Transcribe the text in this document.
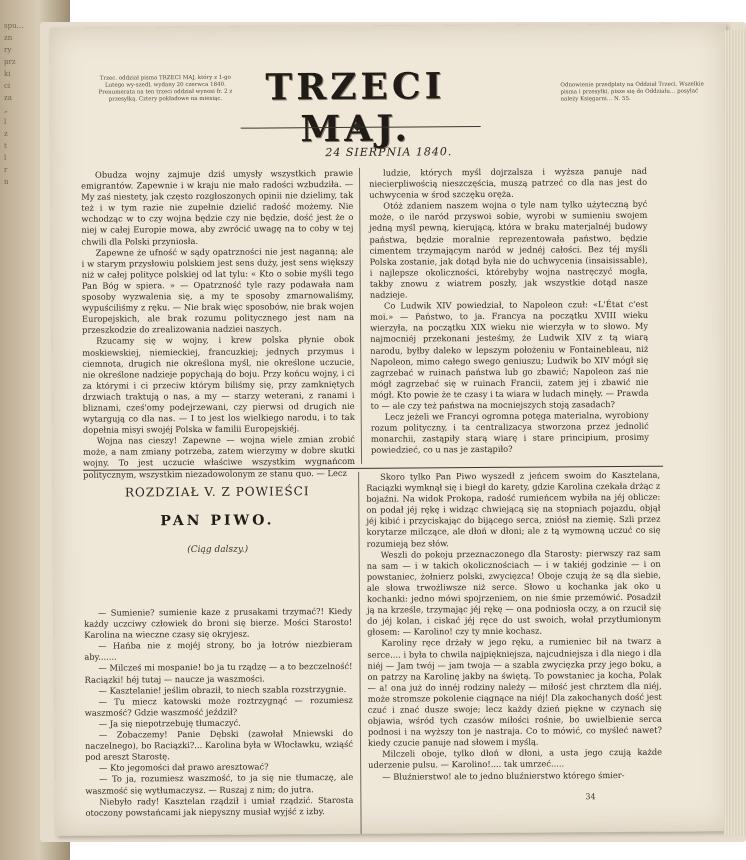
spu…
zn
ry
prz
ki
ci
za
„
l
z
t
l
r
n
Trzec. oddział pisma TRZECI MAJ, który z 1-go Lutego wy-szedł, wydany 20 czerwca 1840. Prenumerata na ten trzeci oddział wynosi fr. 2 z przesyłką. Cztery pokładowe na miesiąc.	TRZECI MAJ.
Odnowienie przedpłaty na Oddział Trzeci. Wszelkie pisma i przesyłki, pisze się do Oddziału… posyłać należy Księgarni… N. 55.
◆
24 SIERPNIA 1840.

Obudza wojny zajmuje dziś umysły wszystkich prawie emigrantów. Zapewnie i w kraju nie mało radości wzbudziła. — My zaś niestety, jak często rozgłoszonych opinii nie dzielimy, tak też i w tym razie nie zupełnie dzielić radość możemy. Nie wchodząc w to czy wojna będzie czy nie będzie, dość jest że o niej w całej Europie mowa, aby zwrócić uwagę na to coby w tej chwili dla Polski przyniosła.

Zapewne że ufność w sądy opatrzności nie jest naganną; ale i w starym przysłowiu polskiem jest sens duży, jest sens większy niż w całej polityce polskiej od lat tylu: « Kto o sobie myśli tego Pan Bóg w spiera. » — Opatrzność tyle razy podawała nam sposoby wyzwalenia się, a my te sposoby zmarnowaliśmy, wypuściliśmy z ręku. — Nie brak więc sposobów, nie brak wojen Europejskich, ale brak rozumu politycznego jest nam na przeszkodzie do zrealizowania nadziei naszych.

Rzucamy się w wojny, i krew polska płynie obok moskiewskiej, niemieckiej, francuzkiej; jednych przymus i ciemnota, drugich nie określona myśl, nie określone uczucie, nie określone nadzieje popychają do boju. Przy końcu wojny, i ci za którymi i ci przeciw którym biliśmy się, przy zamkniętych drzwiach traktują o nas, a my — starzy weterani, z ranami i bliznami, cześ'omy podejrzewani, czy pierwsi od drugich nie wytargują co dla nas. — I to jest los wielkiego narodu, i to tak dopełnia misyi swojéj Polska w familii Europejskiéj.

Wojna nas cieszy! Zapewne — wojna wiele zmian zrobić może, a nam zmiany potrzeba, zatem wierzymy w dobre skutki wojny. To jest uczucie właściwe wszystkim wygnańcom politycznym, wszystkim niezadowolonym ze stanu quo. — Lecz

ludzie, których myśl dojrzalsza i wyższa panuje nad niecierpliwością nieszczęścia, muszą patrzeć co dla nas jest do uchwycenia w środ szczęku oręża.

Otóż zdaniem naszem wojna o tyle nam tylko użyteczną być może, o ile naród przyswoi sobie, wyrobi w sumieniu swojem jedną myśl pewną, kierującą, która w braku materjalnéj budowy państwa, będzie moralnie reprezentowała państwo, będzie cimentem trzymającym naród w jednéj całości. Bez téj myśli Polska zostanie, jak dotąd była nie do uchwycenia (insaisissable), i najlepsze okoliczności, którebyby wojna nastręczyć mogła, takby znowu z wiatrem poszły, jak wszystkie dotąd nasze nadzieje.

Co Ludwik XIV powiedział, to Napoleon czuł: «L'État c'est moi.» — Państwo, to ja. Francya na początku XVIII wieku wierzyła, na początku XIX wieku nie wierzyła w to słowo. My najmocniéj przekonani jesteśmy, że Ludwik XIV z tą wiarą narodu, byłby daleko w lepszym położeniu w Fontainebleau, niż Napoleon, mimo całego swego geniuszu; Ludwik bo XIV mógł się zagrzebać w ruinach państwa lub go zbawić; Napoleon zaś nie mógł zagrzebać się w ruinach Francii, zatem jej i zbawić nie mógł. Kto powie że te czasy i ta wiara w ludach minęły. — Prawda to — ale czy też państwa na mocniejszych stoją zasadach?

Lecz jeżeli we Francyi ogromna potęga materialna, wyrobiony rozum polityczny, i ta centralizacya stworzona przez jednolić monarchii, zastąpiły starą wiarę i stare principium, prosimy powiedzieć, co u nas je zastąpiło?

ROZDZIAŁ V. Z POWIEŚCI
PAN PIWO.
(Ciąg dalszy.)

— Sumienie? sumienie kaze z prusakami trzymać?! Kiedy każdy uczciwy człowiek do broni się bierze. Mości Starosto! Karolina na wieczne czasy się okryjesz.

— Hańba nie z mojéj strony, bo ja łotrów niezbieram aby.......

— Milcześ mi mospanie! bo ja tu rządzę — a to bezczelność! Raciązki! héj tutaj — naucze ja waszmości.

— Kasztelanie! jeślim obraził, to niech szabla rozstrzygnie.

— Tu miecz katowski może roztrzygnąć — rozumiesz waszmość? Gdzie waszmość jeździł?

— Ja się niepotrzebuję tłumaczyć.

— Zobaczemy! Panie Dębski (zawołał Mniewski do naczelnego), bo Raciązki?... Karolina była w Włocławku, wziąść pod areszt Starostę.

— Kto jegomości dał prawo aresztować?

— To ja, rozumiesz waszmość, to ja się nie tłumaczę, ale waszmość się wytłumaczysz. — Ruszaj z nim; do jutra.

Niebyło rady! Kasztelan rządził i umiał rządzić. Starosta otoczony powstańcami jak niepyszny musiał wyjść z izby.

Skoro tylko Pan Piwo wyszedł z jeńcem swoim do Kasztelana, Raciązki wymknął się i biegł do karety, gdzie Karolina czekała drżąc z bojaźni. Na widok Prokopa, radość rumieńcem wybiła na jéj oblicze: on podał jéj rękę i widząc chwiejącą się na stopniach pojazdu, objął jéj kibić i przyciskając do bijącego serca, zniósł na ziemię. Szli przez korytarze milczące, ale dłoń w dłoni; ale z tą wymowną uczuć co się rozumieją bez słów.

Weszli do pokoju przeznaczonego dla Starosty: pierwszy raz sam na sam — i w takich okolicznościach — i w takiéj godzinie — i on powstaniec, żołnierz polski, zwycięzca! Oboje czują że są dla siebie, ale słowa trwożliwsze niż serce. Słowo u kochanka jak oko u kochanki: jedno mówi spojrzeniem, on nie śmie przemówić. Posadził ją na krześle, trzymając jéj rękę — ona podniosła oczy, a on rzucił się do jéj kolan, i ciskać jéj ręce do ust swoich, wołał przytłumionym głosem: — Karolino! czy ty mnie kochasz.

Karoliny ręce drżały w jego ręku, a rumieniec bił na twarz a serce.... i była to chwila najpiękniejsza, najcudniejsza i dla niego i dla niéj — Jam twój — jam twoja — a szabla zwycięzka przy jego boku, a on patrzy na Karolinę jakby na świętą. To powstaniec ja kocha, Polak — a! ona już do innéj rodziny należy — miłość jest chrztem dla niéj, może stromsze pokolenie ciągnące na niéj! Dla zakochanych dość jest czuć i znać dusze swoje; lecz każdy dzień piękne w czynach się objawia, wśród tych czasów miłości rośnie, bo uwielbienie serca podnosi i na wyższy ton je nastraja. Co to mówić, co myśleć nawet? kiedy czucie panuje nad słowem i myślą.

Milczeli oboje, tylko dłoń w dłoni, a usta jego czują każde uderzenie pulsu. — Karolino!.... tak umrzeć.....

— Bluźnierstwo! ale to jedno bluźnierstwo którego śmier-

34
